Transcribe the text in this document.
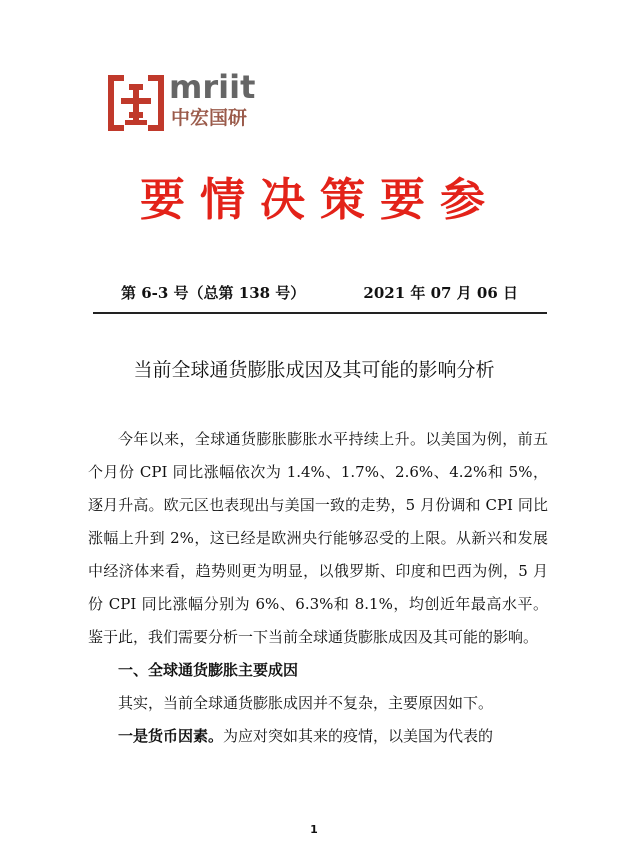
mriit
中宏国研
要情决策要参
第 6-3 号（总第 138 号）	2021 年 07 月 06 日
当前全球通货膨胀成因及其可能的影响分析

今年以来，全球通货膨胀膨胀水平持续上升。以美国为例，前五个月份 CPI 同比涨幅依次为 1.4%、1.7%、2.6%、4.2%和 5%，逐月升高。欧元区也表现出与美国一致的走势，5 月份调和 CPI 同比涨幅上升到 2%，这已经是欧洲央行能够忍受的上限。从新兴和发展中经济体来看，趋势则更为明显，以俄罗斯、印度和巴西为例，5 月份 CPI 同比涨幅分别为 6%、6.3%和 8.1%，均创近年最高水平。鉴于此，我们需要分析一下当前全球通货膨胀成因及其可能的影响。

一、全球通货膨胀主要成因

其实，当前全球通货膨胀成因并不复杂，主要原因如下。

一是货币因素。为应对突如其来的疫情，以美国为代表的

1
